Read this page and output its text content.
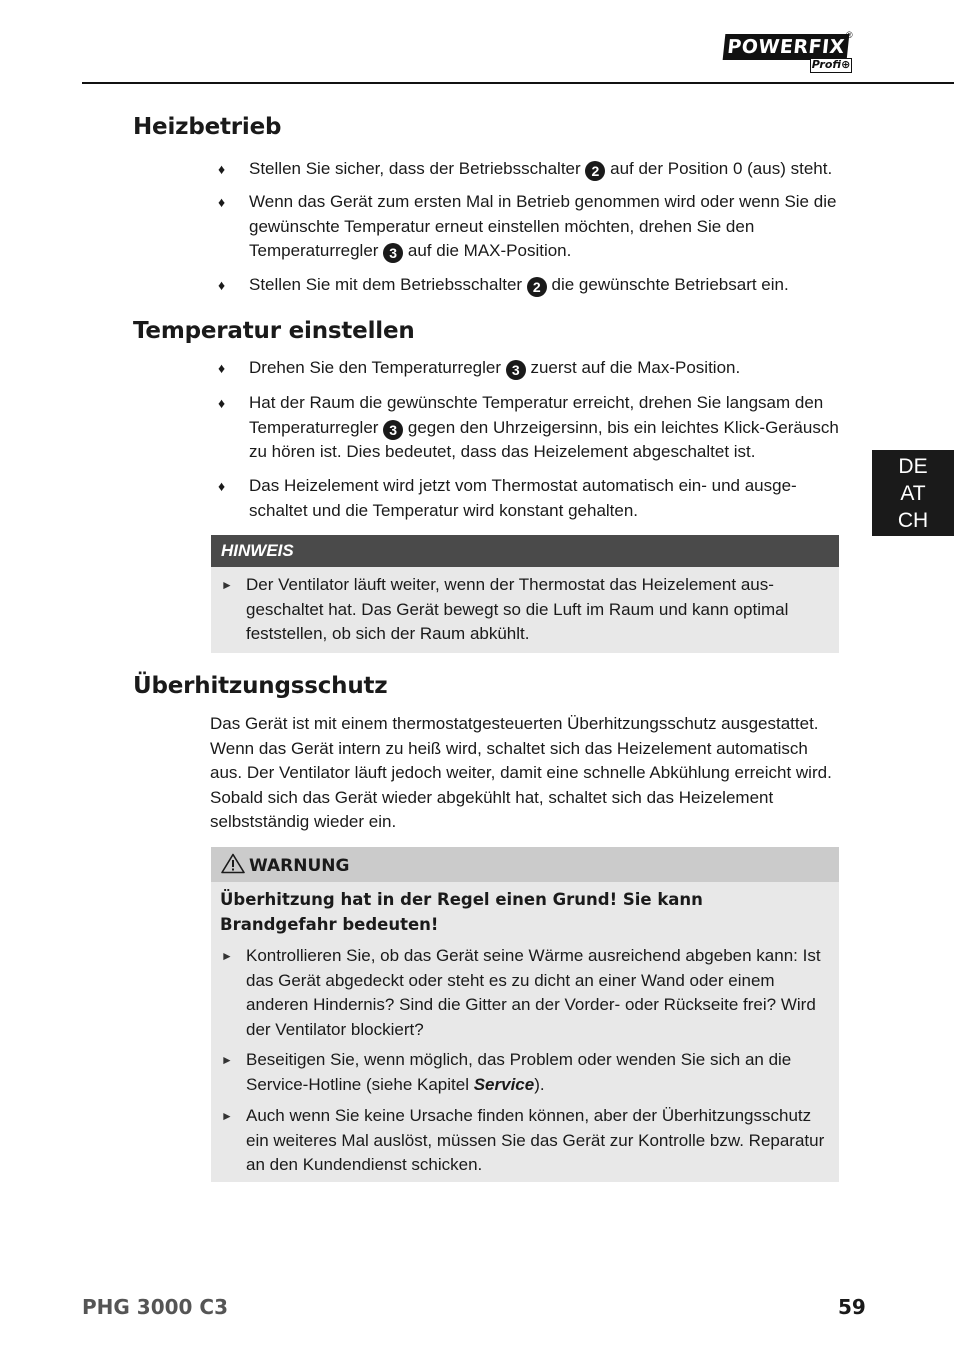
POWERFIX
®
Profi⊕
Heizbetrieb
♦ Stellen Sie sicher, dass der Betriebsschalter 2 auf der Position 0 (aus) steht.
♦ Wenn das Gerät zum ersten Mal in Betrieb genommen wird oder wenn Sie die gewünschte Temperatur erneut einstellen möchten, drehen Sie den Temperaturregler 3 auf die MAX-Position.
♦ Stellen Sie mit dem Betriebsschalter 2 die gewünschte Betriebsart ein.
Temperatur einstellen
♦ Drehen Sie den Temperaturregler 3 zuerst auf die Max-Position.
♦ Hat der Raum die gewünschte Temperatur erreicht, drehen Sie langsam den Temperaturregler 3 gegen den Uhrzeigersinn, bis ein leichtes Klick-Geräusch zu hören ist. Dies bedeutet, dass das Heizelement abgeschaltet ist.
♦ Das Heizelement wird jetzt vom Thermostat automatisch ein- und ausge-schaltet und die Temperatur wird konstant gehalten.
HINWEIS
► Der Ventilator läuft weiter, wenn der Thermostat das Heizelement aus-geschaltet hat. Das Gerät bewegt so die Luft im Raum und kann optimal feststellen, ob sich der Raum abkühlt.
Überhitzungsschutz
Das Gerät ist mit einem thermostatgesteuerten Überhitzungsschutz ausgestattet. Wenn das Gerät intern zu heiß wird, schaltet sich das Heizelement automatisch aus. Der Ventilator läuft jedoch weiter, damit eine schnelle Abkühlung erreicht wird. Sobald sich das Gerät wieder abgekühlt hat, schaltet sich das Heizelement selbstständig wieder ein.
WARNUNG
Überhitzung hat in der Regel einen Grund! Sie kann Brandgefahr bedeuten!
► Kontrollieren Sie, ob das Gerät seine Wärme ausreichend abgeben kann: Ist das Gerät abgedeckt oder steht es zu dicht an einer Wand oder einem anderen Hindernis? Sind die Gitter an der Vorder- oder Rückseite frei? Wird der Ventilator blockiert?
► Beseitigen Sie, wenn möglich, das Problem oder wenden Sie sich an die Service-Hotline (siehe Kapitel Service).
► Auch wenn Sie keine Ursache finden können, aber der Überhitzungsschutz ein weiteres Mal auslöst, müssen Sie das Gerät zur Kontrolle bzw. Reparatur an den Kundendienst schicken.
DE
AT
CH
PHG 3000 C3	59
